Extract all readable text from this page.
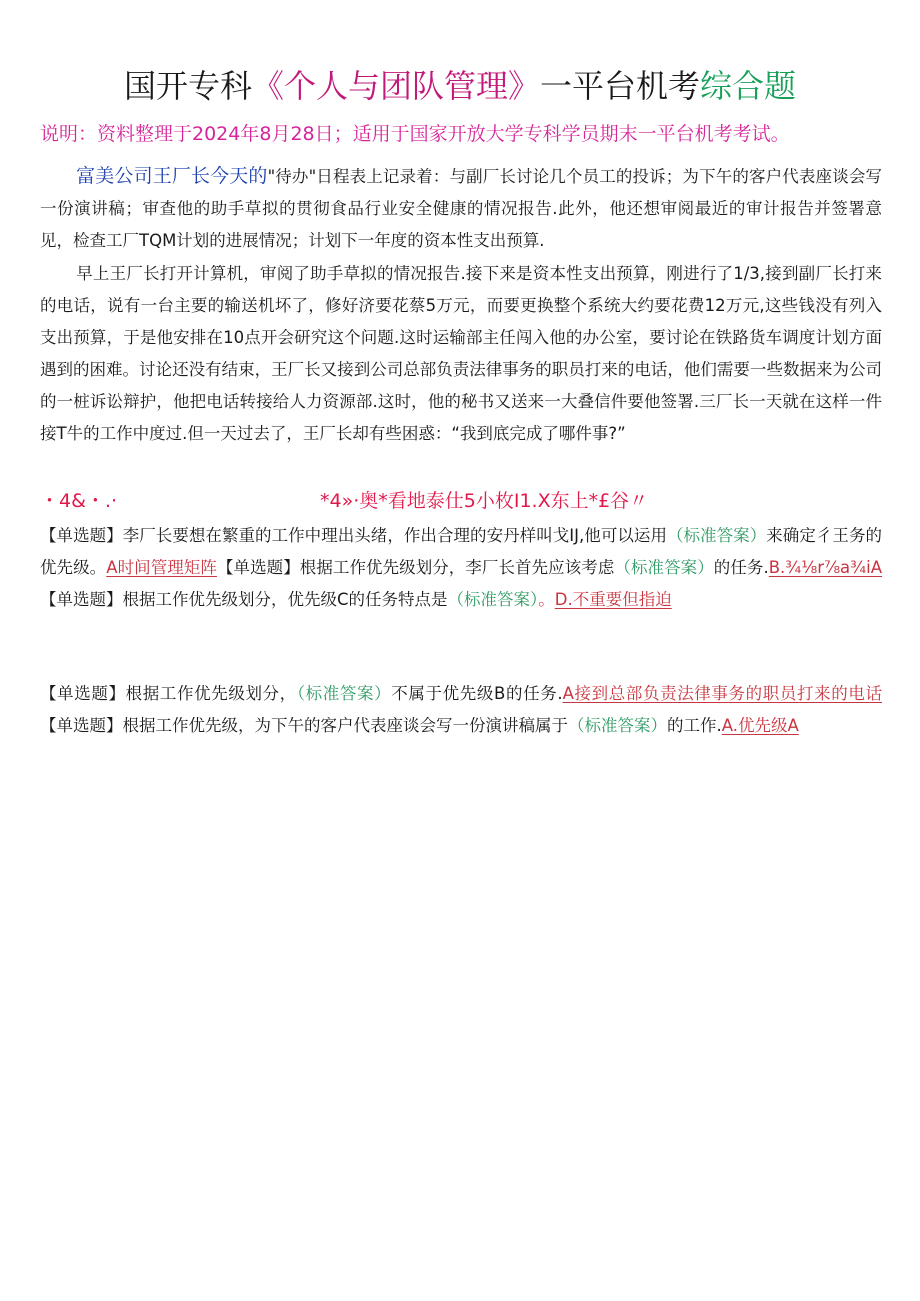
国开专科《个人与团队管理》一平台机考综合题
说明：资料整理于2024年8月28日；适用于国家开放大学专科学员期末一平台机考考试。
富美公司王厂长今天的"待办"日程表上记录着：与副厂长讨论几个员工的投诉；为下午的客户代表座谈会写一份演讲稿；审查他的助手草拟的贯彻食品行业安全健康的情况报告.此外，他还想审阅最近的审计报告并签署意见，检查工厂TQM计划的进展情况；计划下一年度的资本性支出预算.
早上王厂长打开计算机，审阅了助手草拟的情况报告.接下来是资本性支出预算，刚进行了1/3,接到副厂长打来的电话，说有一台主要的输送机坏了，修好济要花蔡5万元，而要更换整个系统大约要花费12万元,这些钱没有列入支出预算，于是他安排在10点开会研究这个问题.这时运输部主任闯入他的办公室，要讨论在铁路货车调度计划方面遇到的困难。讨论还没有结束，王厂长又接到公司总部负责法律事务的职员打来的电话，他们需要一些数据来为公司的一桩诉讼辩护，他把电话转接给人力资源部.这时，他的秘书又送来一大叠信件要他签署.三厂长一天就在这样一件接T牛的工作中度过.但一天过去了，王厂长却有些困惑：“我到底完成了哪件事?”
・4&・.·	*4»·奥*看地泰仕5小枚I1.X东上*£谷〃
【单选题】李厂长要想在繁重的工作中理出头绪，作出合理的安丹样叫戈IJ,他可以运用（标准答案）来确定彳王务的优先级。A时间管理矩阵【单选题】根据工作优先级划分，李厂长首先应该考虑（标准答案）的任务.B.¾⅛r⅞a¾iA【单选题】根据工作优先级划分，优先级C的任务特点是（标准答案）。D.不重要但指迫
【单选题】根据工作优先级划分，（标准答案）不属于优先级B的任务.A接到总部负责法律事务的职员打来的电话【单选题】根据工作优先级，为下午的客户代表座谈会写一份演讲稿属于（标准答案）的工作.A.优先级A
